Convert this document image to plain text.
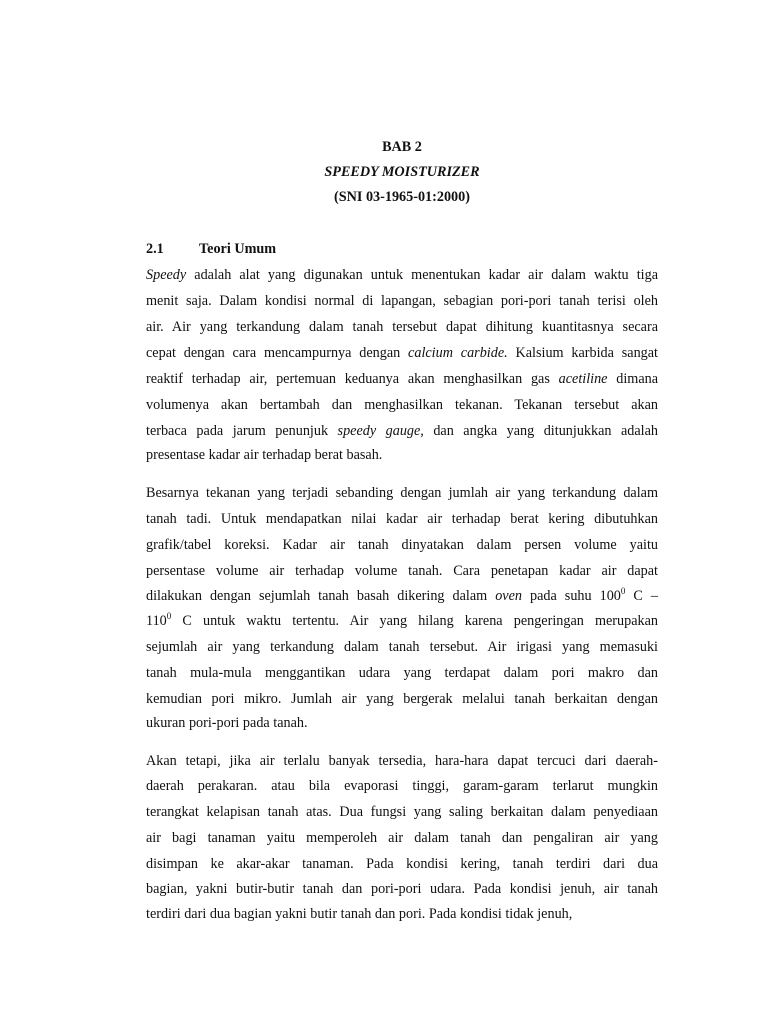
BAB 2
SPEEDY MOISTURIZER
(SNI 03-1965-01:2000)
2.1 Teori Umum
Speedy adalah alat yang digunakan untuk menentukan kadar air dalam waktu tiga
menit saja. Dalam kondisi normal di lapangan, sebagian pori-pori tanah terisi oleh
air. Air yang terkandung dalam tanah tersebut dapat dihitung kuantitasnya secara
cepat dengan cara mencampurnya dengan calcium carbide. Kalsium karbida sangat
reaktif terhadap air, pertemuan keduanya akan menghasilkan gas acetiline dimana
volumenya akan bertambah dan menghasilkan tekanan. Tekanan tersebut akan
terbaca pada jarum penunjuk speedy gauge, dan angka yang ditunjukkan adalah
presentase kadar air terhadap berat basah.
Besarnya tekanan yang terjadi sebanding dengan jumlah air yang terkandung dalam
tanah tadi. Untuk mendapatkan nilai kadar air terhadap berat kering dibutuhkan
grafik/tabel koreksi. Kadar air tanah dinyatakan dalam persen volume yaitu
persentase volume air terhadap volume tanah. Cara penetapan kadar air dapat
dilakukan dengan sejumlah tanah basah dikering dalam oven pada suhu $100^0$ C –
$110^0$ C untuk waktu tertentu. Air yang hilang karena pengeringan merupakan
sejumlah air yang terkandung dalam tanah tersebut. Air irigasi yang memasuki
tanah mula-mula menggantikan udara yang terdapat dalam pori makro dan
kemudian pori mikro. Jumlah air yang bergerak melalui tanah berkaitan dengan
ukuran pori-pori pada tanah.
Akan tetapi, jika air terlalu banyak tersedia, hara-hara dapat tercuci dari daerah-
daerah perakaran. atau bila evaporasi tinggi, garam-garam terlarut mungkin
terangkat kelapisan tanah atas. Dua fungsi yang saling berkaitan dalam penyediaan
air bagi tanaman yaitu memperoleh air dalam tanah dan pengaliran air yang
disimpan ke akar-akar tanaman. Pada kondisi kering, tanah terdiri dari dua
bagian, yakni butir-butir tanah dan pori-pori udara. Pada kondisi jenuh, air tanah
terdiri dari dua bagian yakni butir tanah dan pori. Pada kondisi tidak jenuh,
